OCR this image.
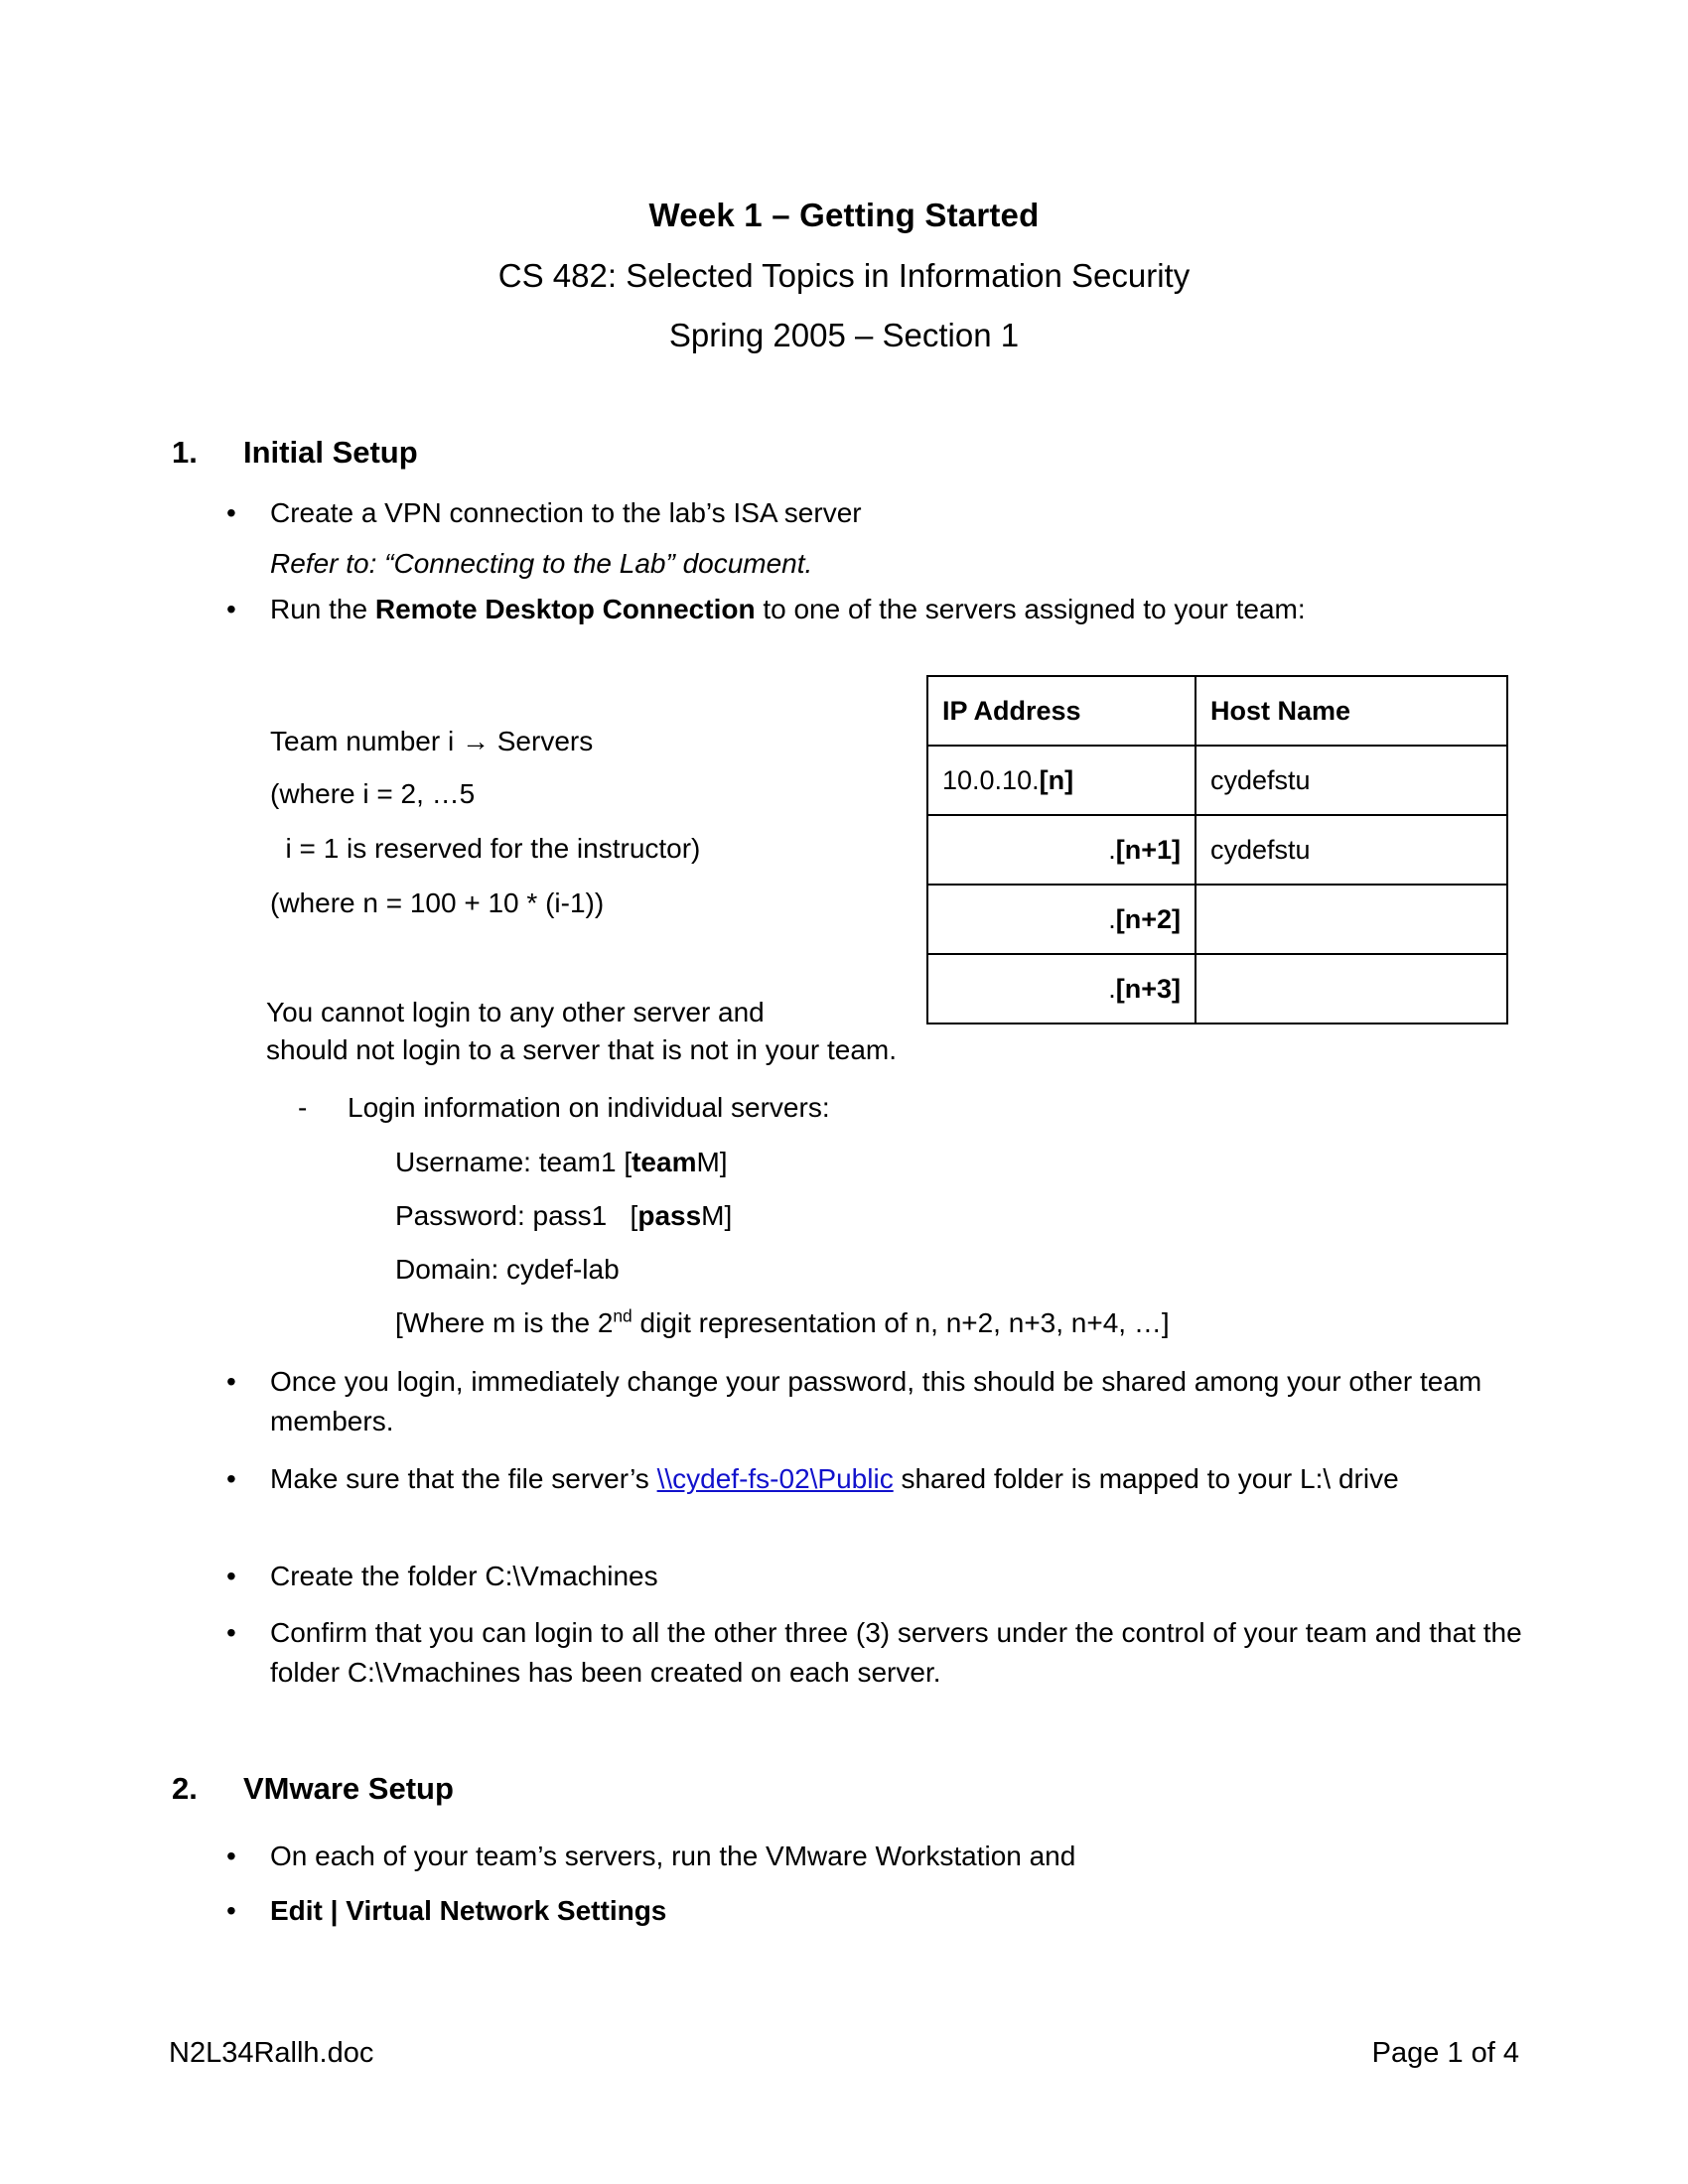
Week 1 – Getting Started
CS 482: Selected Topics in Information Security
Spring 2005 – Section 1
1. Initial Setup
•	Create a VPN connection to the lab’s ISA server
Refer to: “Connecting to the Lab” document.
•	Run the Remote Desktop Connection to one of the servers assigned to your team:
Team number i → Servers
(where i = 2, …5
i = 1 is reserved for the instructor)
(where n = 100 + 10 * (i-1))
IP Address	Host Name
10.0.10.[n]	cydefstu
.[n+1]	cydefstu
.[n+2]	
.[n+3]	
You cannot login to any other server and
should not login to a server that is not in your team.
-	Login information on individual servers:
Username: team1 [teamM]
Password: pass1   [passM]
Domain: cydef-lab
[Where m is the 2nd digit representation of n, n+2, n+3, n+4, …]
•	Once you login, immediately change your password, this should be shared among your other team members.
•	Make sure that the file server’s \\cydef-fs-02\Public shared folder is mapped to your L:\ drive
•	Create the folder C:\Vmachines
•	Confirm that you can login to all the other three (3) servers under the control of your team and that the folder C:\Vmachines has been created on each server.
2. VMware Setup
•	On each of your team’s servers, run the VMware Workstation and
•	Edit | Virtual Network Settings
N2L34Rallh.doc	Page 1 of 4
